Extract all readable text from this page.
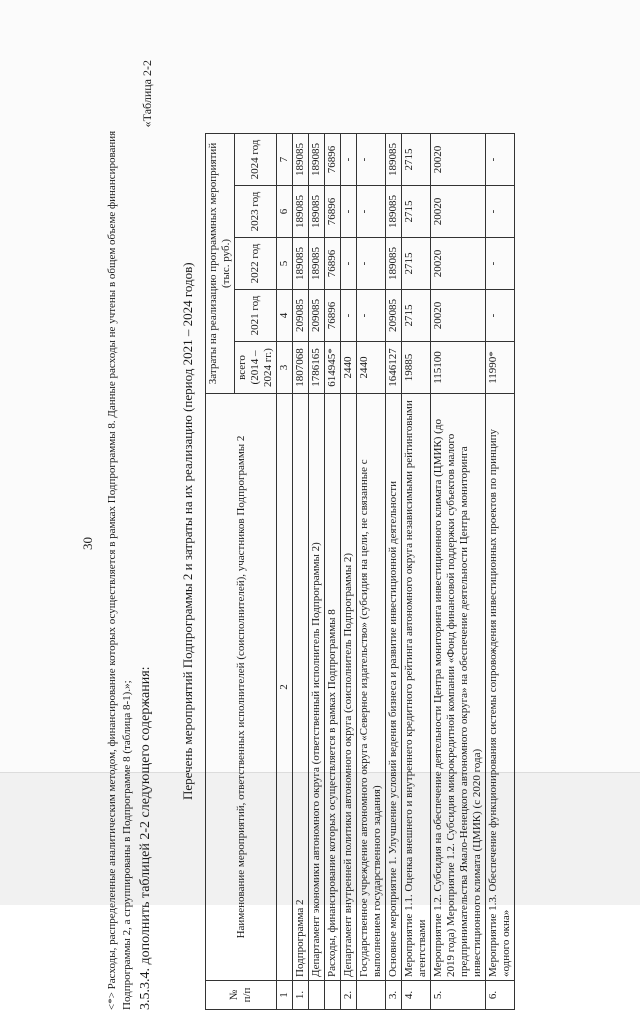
30 <*> Расходы, распределенные аналитическим методом, финансирование которых осуществляется в рамках Подпрограммы 8. Данные расходы не учтены в общем объеме финансирования Подпрограммы 2, а сгруппированы в Подпрограмме 8 (таблица 8-1).»; 3.5.3.4. дополнить таблицей 2-2 следующего содержания:
«Таблица 2-2
Перечень мероприятий Подпрограммы 2 и затраты на их реализацию (период 2021 – 2024 годов)
№ п/п	Наименование мероприятий, ответственных исполнителей (соисполнителей), участников Подпрограммы 2	Затраты на реализацию программных мероприятий (тыс. руб.)				
		всего (2014 – 2024 гг.)	2021 год	2022 год	2023 год	2024 год
1	2	3	4	5	6	7
1.	Подпрограмма 2	1807068	209085	189085	189085	189085
	Департамент экономики автономного округа (ответственный исполнитель Подпрограммы 2)	1786165	209085	189085	189085	189085
	Расходы, финансирование которых осуществляется в рамках Подпрограммы 8	614945*	76896	76896	76896	76896
2.	Департамент внутренней политики автономного округа (соисполнитель Подпрограммы 2)	2440	-	-	-	-
	Государственное учреждение автономного округа «Северное издательство» (субсидия на цели, не связанные с выполнением государственного задания)	2440	-	-	-	-
3.	Основное мероприятие 1. Улучшение условий ведения бизнеса и развитие инвестиционной деятельности	1646127	209085	189085	189085	189085
4.	Мероприятие 1.1. Оценка внешнего и внутреннего кредитного рейтинга автономного округа независимыми рейтинговыми агентствами	19885	2715	2715	2715	2715
5.	Мероприятие 1.2. Субсидия на обеспечение деятельности Центра мониторинга инвестиционного климата (ЦМИК) (до 2019 года) Мероприятие 1.2. Субсидия микрокредитной компании «Фонд финансовой поддержки субъектов малого предпринимательства Ямало-Ненецкого автономного округа» на обеспечение деятельности Центра мониторинга инвестиционного климата (ЦМИК) (с 2020 года)	115100	20020	20020	20020	20020
6.	Мероприятие 1.3. Обеспечение функционирования системы сопровождения инвестиционных проектов по принципу «одного окна»	11990*	-	-	-	-
